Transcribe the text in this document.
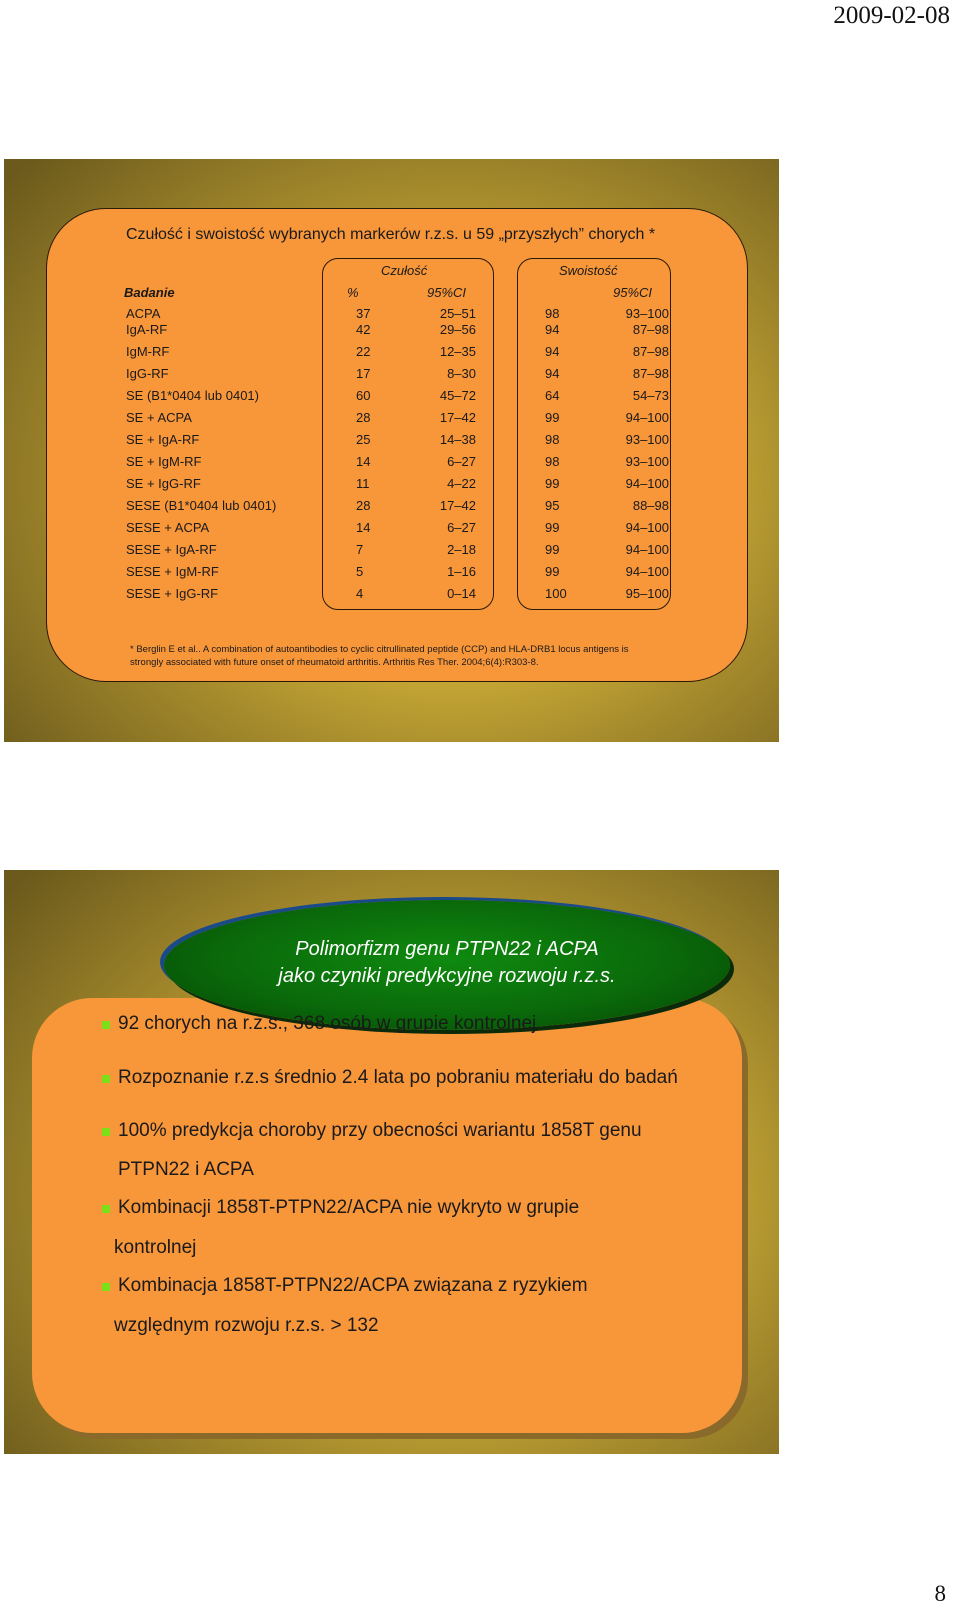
2009-02-08
Czułość i swoistość wybranych markerów r.z.s. u 59 „przyszłych” chorych *
Czułość	Swoistość
Badanie	%	95%CI	95%CI
ACPA	37	25–51	98	93–100
IgA-RF	42	29–56	94	87–98
IgM-RF	22	12–35	94	87–98
IgG-RF	17	8–30	94	87–98
SE (B1*0404 lub 0401)	60	45–72	64	54–73
SE + ACPA	28	17–42	99	94–100
SE + IgA-RF	25	14–38	98	93–100
SE + IgM-RF	14	6–27	98	93–100
SE + IgG-RF	11	4–22	99	94–100
SESE (B1*0404 lub 0401)	28	17–42	95	88–98
SESE + ACPA	14	6–27	99	94–100
SESE + IgA-RF	7	2–18	99	94–100
SESE + IgM-RF	5	1–16	99	94–100
SESE + IgG-RF	4	0–14	100	95–100
* Berglin E et al.. A combination of autoantibodies to cyclic citrullinated peptide (CCP) and HLA-DRB1 locus antigens is
strongly associated with future onset of rheumatoid arthritis. Arthritis Res Ther. 2004;6(4):R303-8.
Polimorfizm genu PTPN22 i ACPA
jako czyniki predykcyjne rozwoju r.z.s.
92 chorych na r.z.s., 368 osób w grupie kontrolnej
Rozpoznanie r.z.s średnio 2.4 lata po pobraniu materiału do badań
100% predykcja choroby przy obecności wariantu 1858T genu
PTPN22 i ACPA
Kombinacji 1858T-PTPN22/ACPA nie wykryto w grupie
kontrolnej
Kombinacja 1858T-PTPN22/ACPA związana z ryzykiem
względnym rozwoju r.z.s. > 132
8
